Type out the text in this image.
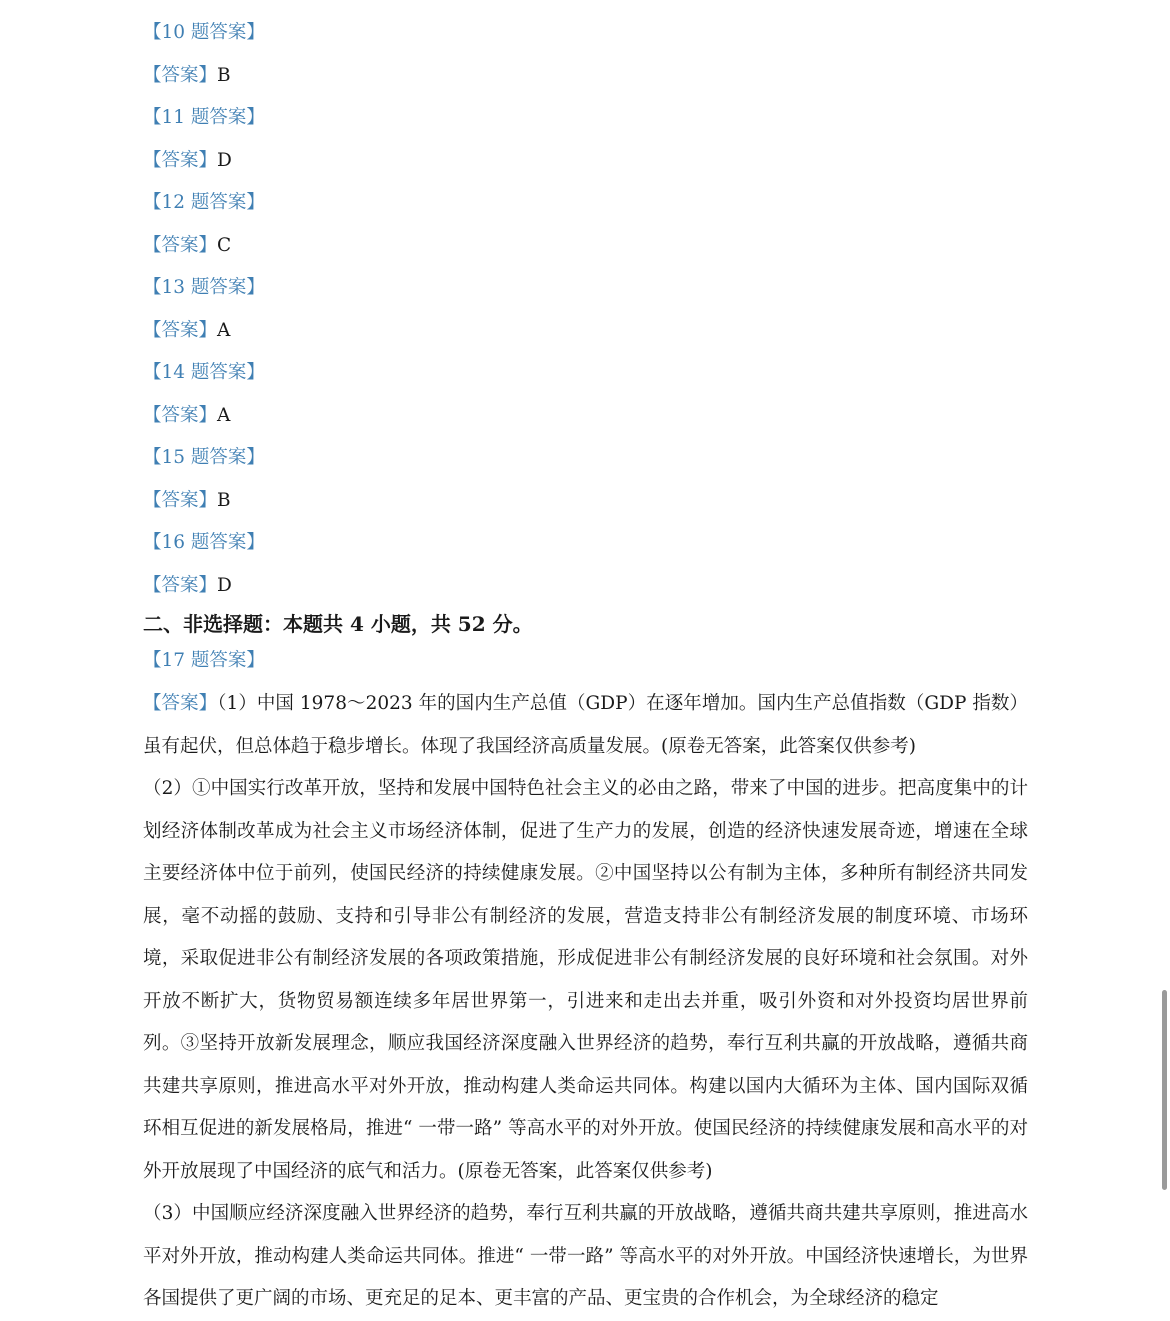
【10 题答案】
【答案】B
【11 题答案】
【答案】D
【12 题答案】
【答案】C
【13 题答案】
【答案】A
【14 题答案】
【答案】A
【15 题答案】
【答案】B
【16 题答案】
【答案】D
二、非选择题：本题共 4 小题，共 52 分。
【17 题答案】
【答案】（1）中国 1978～2023 年的国内生产总值（GDP）在逐年增加。国内生产总值指数（GDP 指数）虽有起伏，但总体趋于稳步增长。体现了我国经济高质量发展。(原卷无答案，此答案仅供参考)
（2）①中国实行改革开放，坚持和发展中国特色社会主义的必由之路，带来了中国的进步。把高度集中的计划经济体制改革成为社会主义市场经济体制，促进了生产力的发展，创造的经济快速发展奇迹，增速在全球主要经济体中位于前列，使国民经济的持续健康发展。②中国坚持以公有制为主体，多种所有制经济共同发展，毫不动摇的鼓励、支持和引导非公有制经济的发展，营造支持非公有制经济发展的制度环境、市场环境，采取促进非公有制经济发展的各项政策措施，形成促进非公有制经济发展的良好环境和社会氛围。对外开放不断扩大，货物贸易额连续多年居世界第一，引进来和走出去并重，吸引外资和对外投资均居世界前列。③坚持开放新发展理念，顺应我国经济深度融入世界经济的趋势，奉行互利共赢的开放战略，遵循共商共建共享原则，推进高水平对外开放，推动构建人类命运共同体。构建以国内大循环为主体、国内国际双循环相互促进的新发展格局，推进“ 一带一路” 等高水平的对外开放。使国民经济的持续健康发展和高水平的对外开放展现了中国经济的底气和活力。(原卷无答案，此答案仅供参考)
（3）中国顺应经济深度融入世界经济的趋势，奉行互利共赢的开放战略，遵循共商共建共享原则，推进高水平对外开放，推动构建人类命运共同体。推进“ 一带一路” 等高水平的对外开放。中国经济快速增长，为世界各国提供了更广阔的市场、更充足的足本、更丰富的产品、更宝贵的合作机会，为全球经济的稳定
